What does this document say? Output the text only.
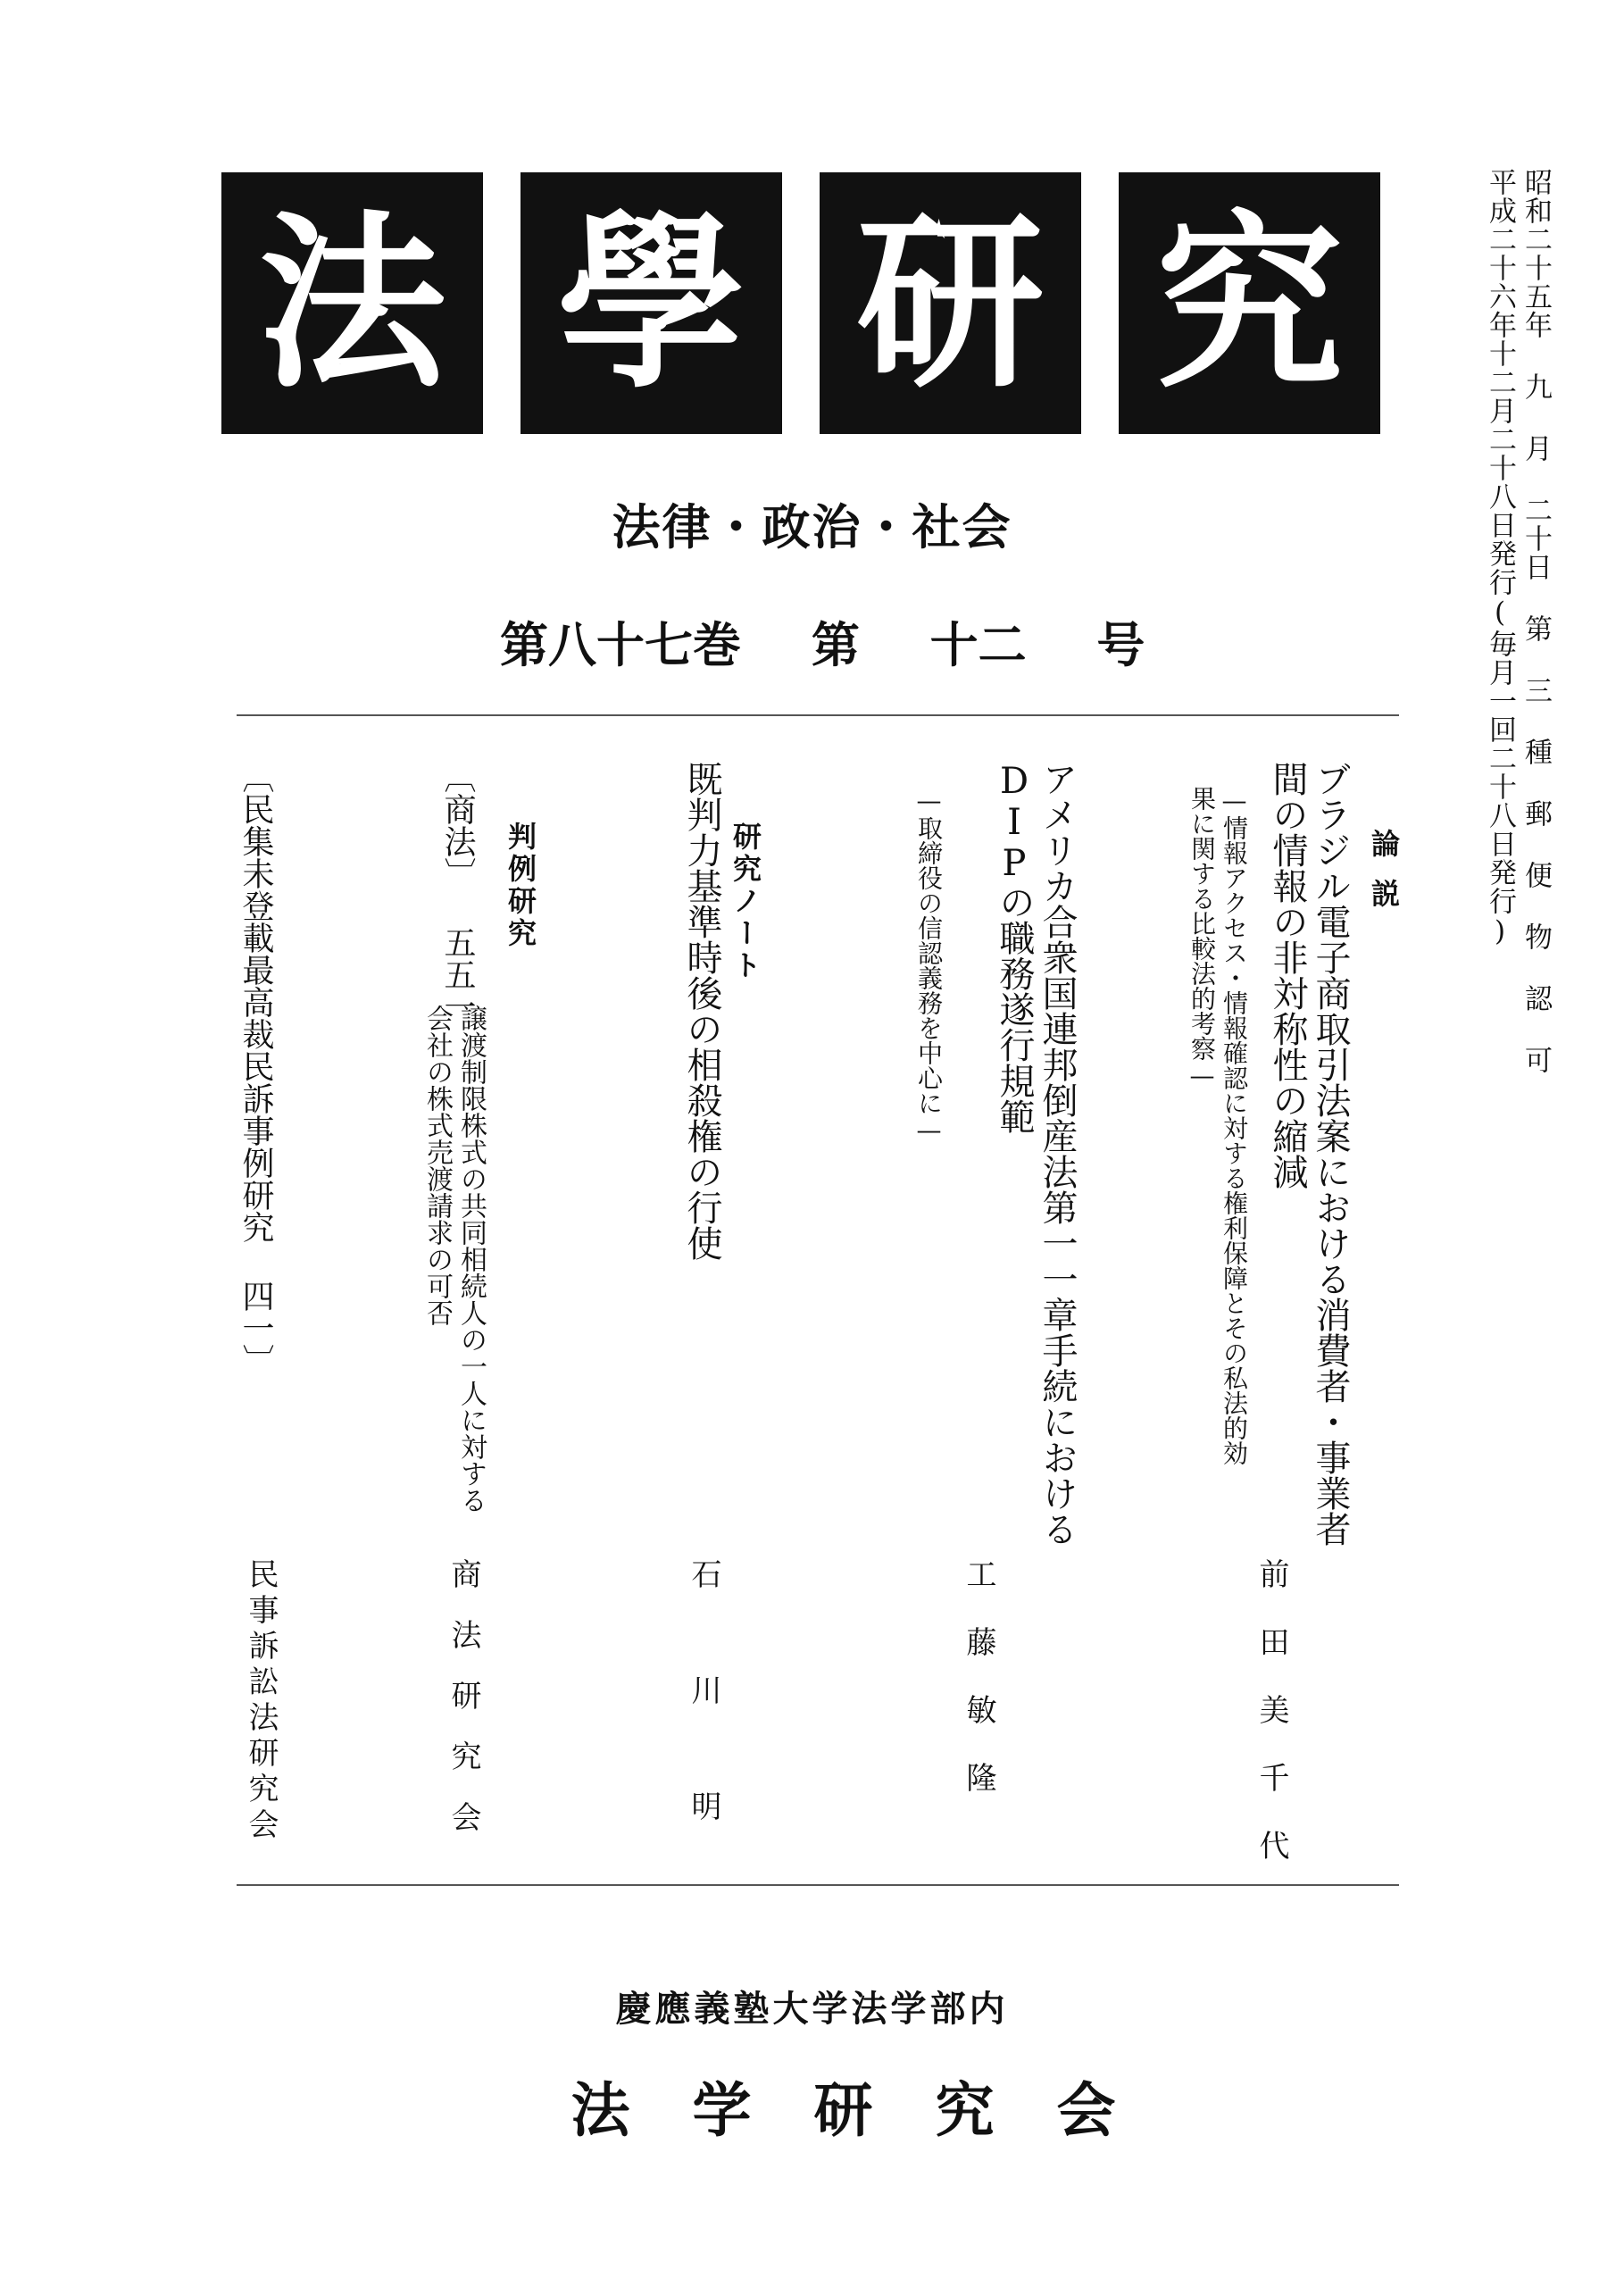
法 學 研 究	昭和二十五年 九 月 二十日 第 三 種 郵 便 物 認 可
平成二十六年十二月二十八日発行(毎月一回二十八日発行)
法律・政治・社会
第八十七巻 第 十二 号
論説
ブラジル電子商取引法案における消費者・事業者
間の情報の非対称性の縮減
—情報アクセス・情報確認に対する権利保障とその私法的効
果に関する比較法的考察—
前田美千代
アメリカ合衆国連邦倒産法第一一章手続における
DIPの職務遂行規範
—取締役の信認義務を中心に—
工藤敏隆
研究ノート
既判力基準時後の相殺権の行使
石川明
判例研究
〔商法〕 五五一
譲渡制限株式の共同相続人の一人に対する
会社の株式売渡請求の可否
商法研究会
〔民集未登載最高裁民訴事例研究 四一〕
民事訴訟法研究会
慶應義塾大学法学部内
法学研究会
